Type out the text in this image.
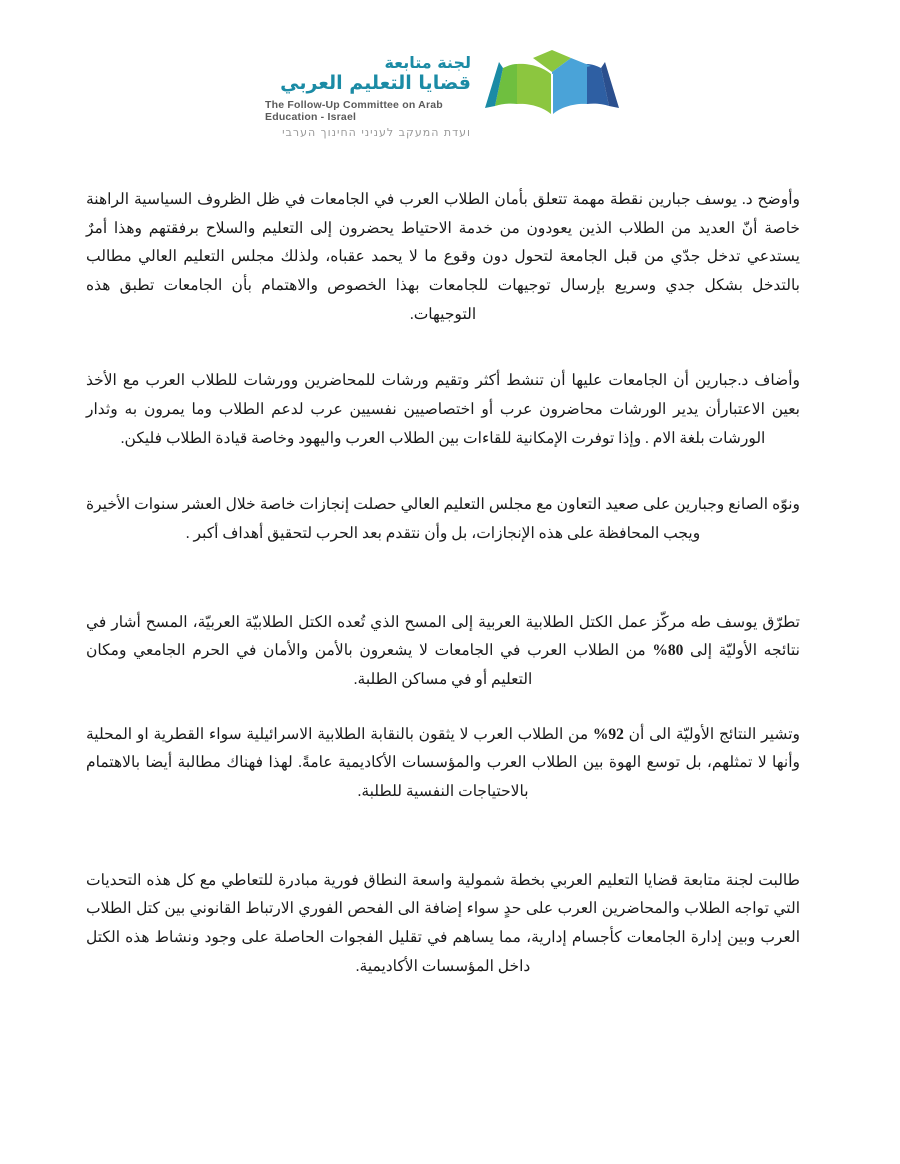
لجنة متابعة
قضايا التعليم العربي
The Follow-Up Committee on Arab Education - Israel
ועדת המעקב לעניני החינוך הערבי

وأوضح د. يوسف جبارين نقطة مهمة تتعلق بأمان الطلاب العرب في الجامعات في ظل الظروف السياسية الراهنة خاصة أنّ العديد من الطلاب الذين يعودون من خدمة الاحتياط يحضرون إلى التعليم والسلاح برفقتهم وهذا أمرٌ يستدعي تدخل جدّي من قبل الجامعة لتحول دون وقوع ما لا يحمد عقباه، ولذلك مجلس التعليم العالي مطالب بالتدخل بشكل جدي وسريع بإرسال توجيهات للجامعات بهذا الخصوص والاهتمام بأن الجامعات تطبق هذه التوجيهات.

وأضاف د.جبارين أن الجامعات عليها أن تنشط أكثر وتقيم ورشات للمحاضرين وورشات للطلاب العرب مع الأخذ بعين الاعتبارأن يدير الورشات محاضرون عرب أو اختصاصيين نفسيين عرب لدعم الطلاب وما يمرون به وثدار الورشات بلغة الام . وإذا توفرت الإمكانية للقاءات بين الطلاب العرب واليهود وخاصة قيادة الطلاب فليكن.

ونوّه الصانع وجبارين على صعيد التعاون مع مجلس التعليم العالي حصلت إنجازات خاصة خلال العشر سنوات الأخيرة ويجب المحافظة على هذه الإنجازات، بل وأن نتقدم بعد الحرب لتحقيق أهداف أكبر .

تطرّق يوسف طه مركّز عمل الكتل الطلابية العربية إلى المسح الذي تُعده الكتل الطلابيّة العربيّة، المسح أشار في نتائجه الأوليّة إلى 80% من الطلاب العرب في الجامعات لا يشعرون بالأمن والأمان في الحرم الجامعي ومكان التعليم أو في مساكن الطلبة.

وتشير النتائج الأوليّة الى أن 92% من الطلاب العرب لا يثقون بالنقابة الطلابية الاسرائيلية سواء القطرية او المحلية وأنها لا تمثلهم، بل توسع الهوة بين الطلاب العرب والمؤسسات الأكاديمية عامةً. لهذا فهناك مطالبة أيضا بالاهتمام بالاحتياجات النفسية للطلبة.

طالبت لجنة متابعة قضايا التعليم العربي بخطة شمولية واسعة النطاق فورية مبادرة للتعاطي مع كل هذه التحديات التي تواجه الطلاب والمحاضرين العرب على حدٍ سواء إضافة الى الفحص الفوري الارتباط القانوني بين كتل الطلاب العرب وبين إدارة الجامعات كأجسام إدارية، مما يساهم في تقليل الفجوات الحاصلة على وجود ونشاط هذه الكتل داخل المؤسسات الأكاديمية.
